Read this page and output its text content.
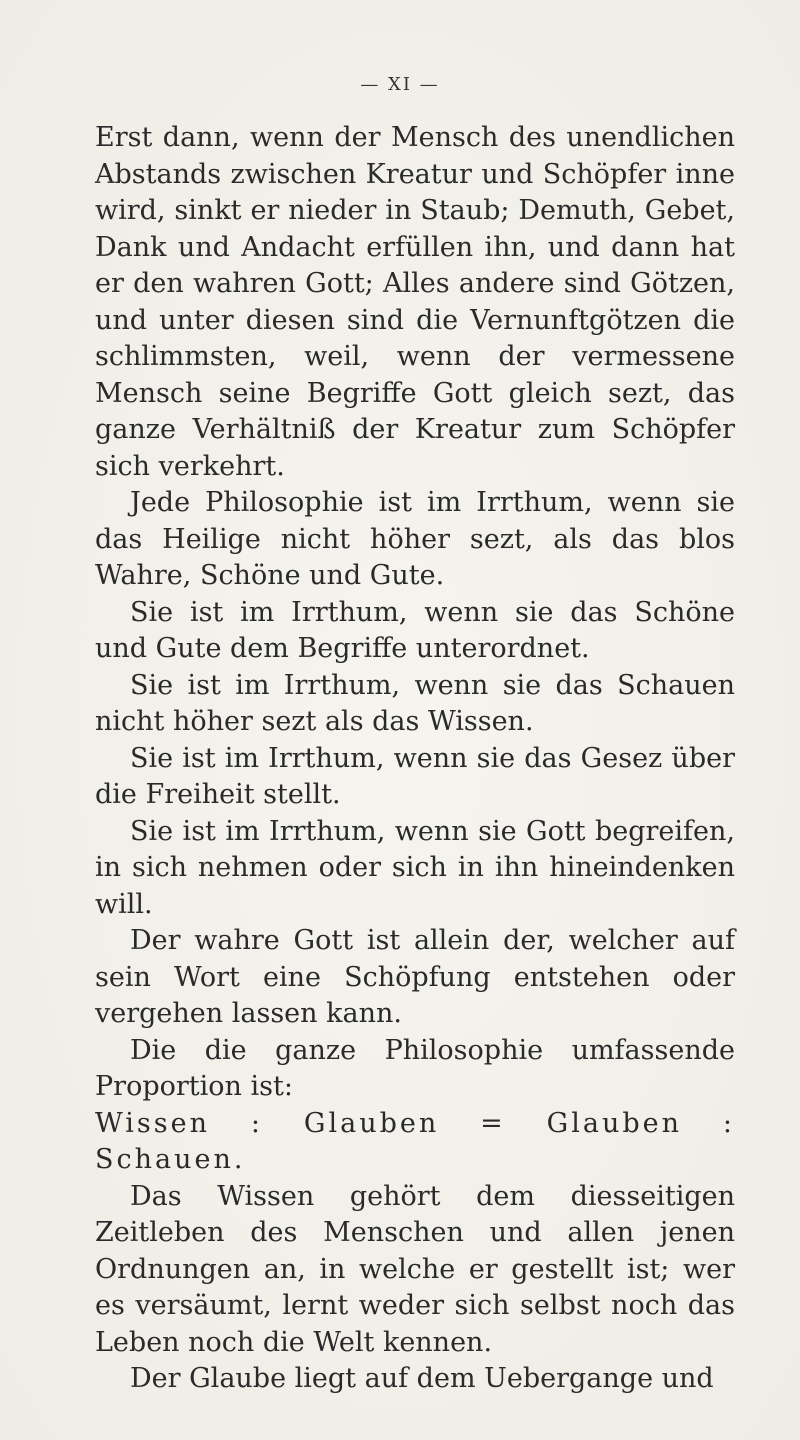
— XI —

Erst dann, wenn der Mensch des unendlichen Abstands zwischen Kreatur und Schöpfer inne wird, sinkt er nieder in Staub; Demuth, Gebet, Dank und Andacht erfüllen ihn, und dann hat er den wahren Gott; Alles andere sind Götzen, und unter diesen sind die Vernunftgötzen die schlimmsten, weil, wenn der vermessene Mensch seine Begriffe Gott gleich sezt, das ganze Verhältniß der Kreatur zum Schöpfer sich verkehrt.

Jede Philosophie ist im Irrthum, wenn sie das Heilige nicht höher sezt, als das blos Wahre, Schöne und Gute.

Sie ist im Irrthum, wenn sie das Schöne und Gute dem Begriffe unterordnet.

Sie ist im Irrthum, wenn sie das Schauen nicht höher sezt als das Wissen.

Sie ist im Irrthum, wenn sie das Gesez über die Freiheit stellt.

Sie ist im Irrthum, wenn sie Gott begreifen, in sich nehmen oder sich in ihn hineindenken will.

Der wahre Gott ist allein der, welcher auf sein Wort eine Schöpfung entstehen oder vergehen lassen kann.

Die die ganze Philosophie umfassende Proportion ist:

Wissen : Glauben = Glauben : Schauen.

Das Wissen gehört dem diesseitigen Zeitleben des Menschen und allen jenen Ordnungen an, in welche er gestellt ist; wer es versäumt, lernt weder sich selbst noch das Leben noch die Welt kennen.

Der Glaube liegt auf dem Uebergange und
